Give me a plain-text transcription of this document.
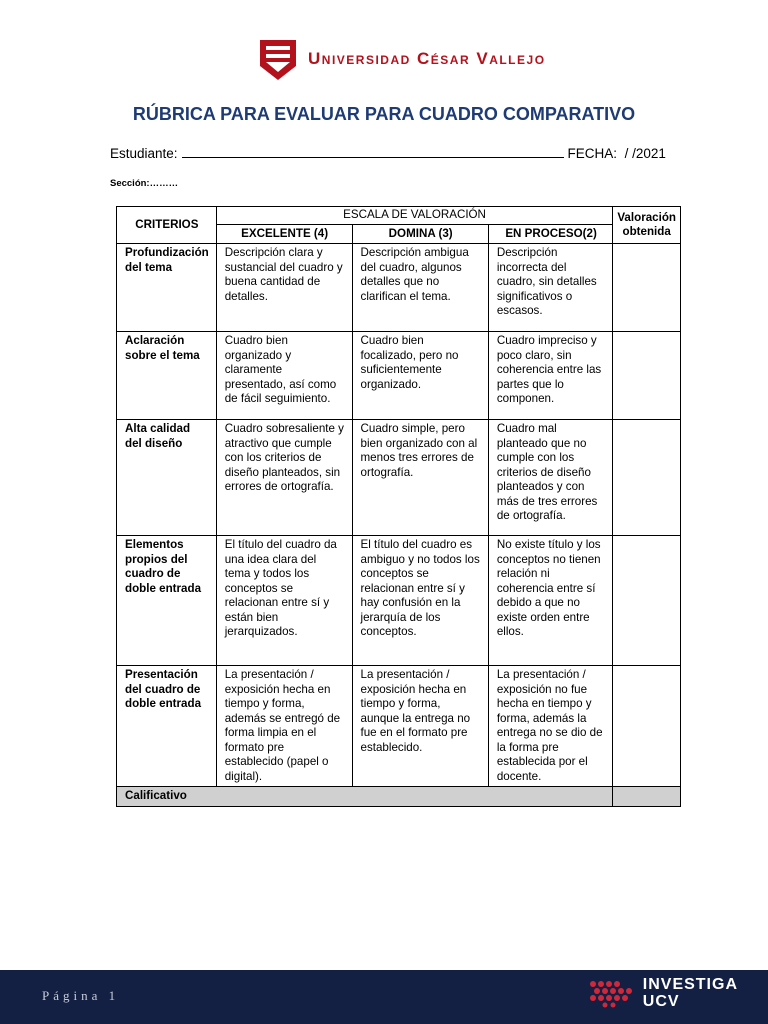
Universidad César Vallejo
RÚBRICA PARA EVALUAR PARA CUADRO COMPARATIVO
Estudiante:	FECHA: / /2021
Sección:………
CRITERIOS	ESCALA DE VALORACIÓN			Valoración obtenida
	EXCELENTE (4)	DOMINA (3)	EN PROCESO(2)	
Profundización del tema	Descripción clara y sustancial del cuadro y buena cantidad de detalles.	Descripción ambigua del cuadro, algunos detalles que no clarifican el tema.	Descripción incorrecta del cuadro, sin detalles significativos o escasos.	
Aclaración sobre el tema	Cuadro bien organizado y claramente presentado, así como de fácil seguimiento.	Cuadro bien focalizado, pero no suficientemente organizado.	Cuadro impreciso y poco claro, sin coherencia entre las partes que lo componen.	
Alta calidad del diseño	Cuadro sobresaliente y atractivo que cumple con los criterios de diseño planteados, sin errores de ortografía.	Cuadro simple, pero bien organizado con al menos tres errores de ortografía.	Cuadro mal planteado que no cumple con los criterios de diseño planteados y con más de tres errores de ortografía.	
Elementos propios del cuadro de doble entrada	El título del cuadro da una idea clara del tema y todos los conceptos se relacionan entre sí y están bien jerarquizados.	El título del cuadro es ambiguo y no todos los conceptos se relacionan entre sí y hay confusión en la jerarquía de los conceptos.	No existe título y los conceptos no tienen relación ni coherencia entre sí debido a que no existe orden entre ellos.	
Presentación del cuadro de doble entrada	La presentación / exposición hecha en tiempo y forma, además se entregó de forma limpia en el formato pre establecido (papel o digital).	La presentación / exposición hecha en tiempo y forma, aunque la entrega no fue en el formato pre establecido.	La presentación / exposición no fue hecha en tiempo y forma, además la entrega no se dio de la forma pre establecida por el docente.	
Calificativo				
Página 1
INVESTIGA
UCV
